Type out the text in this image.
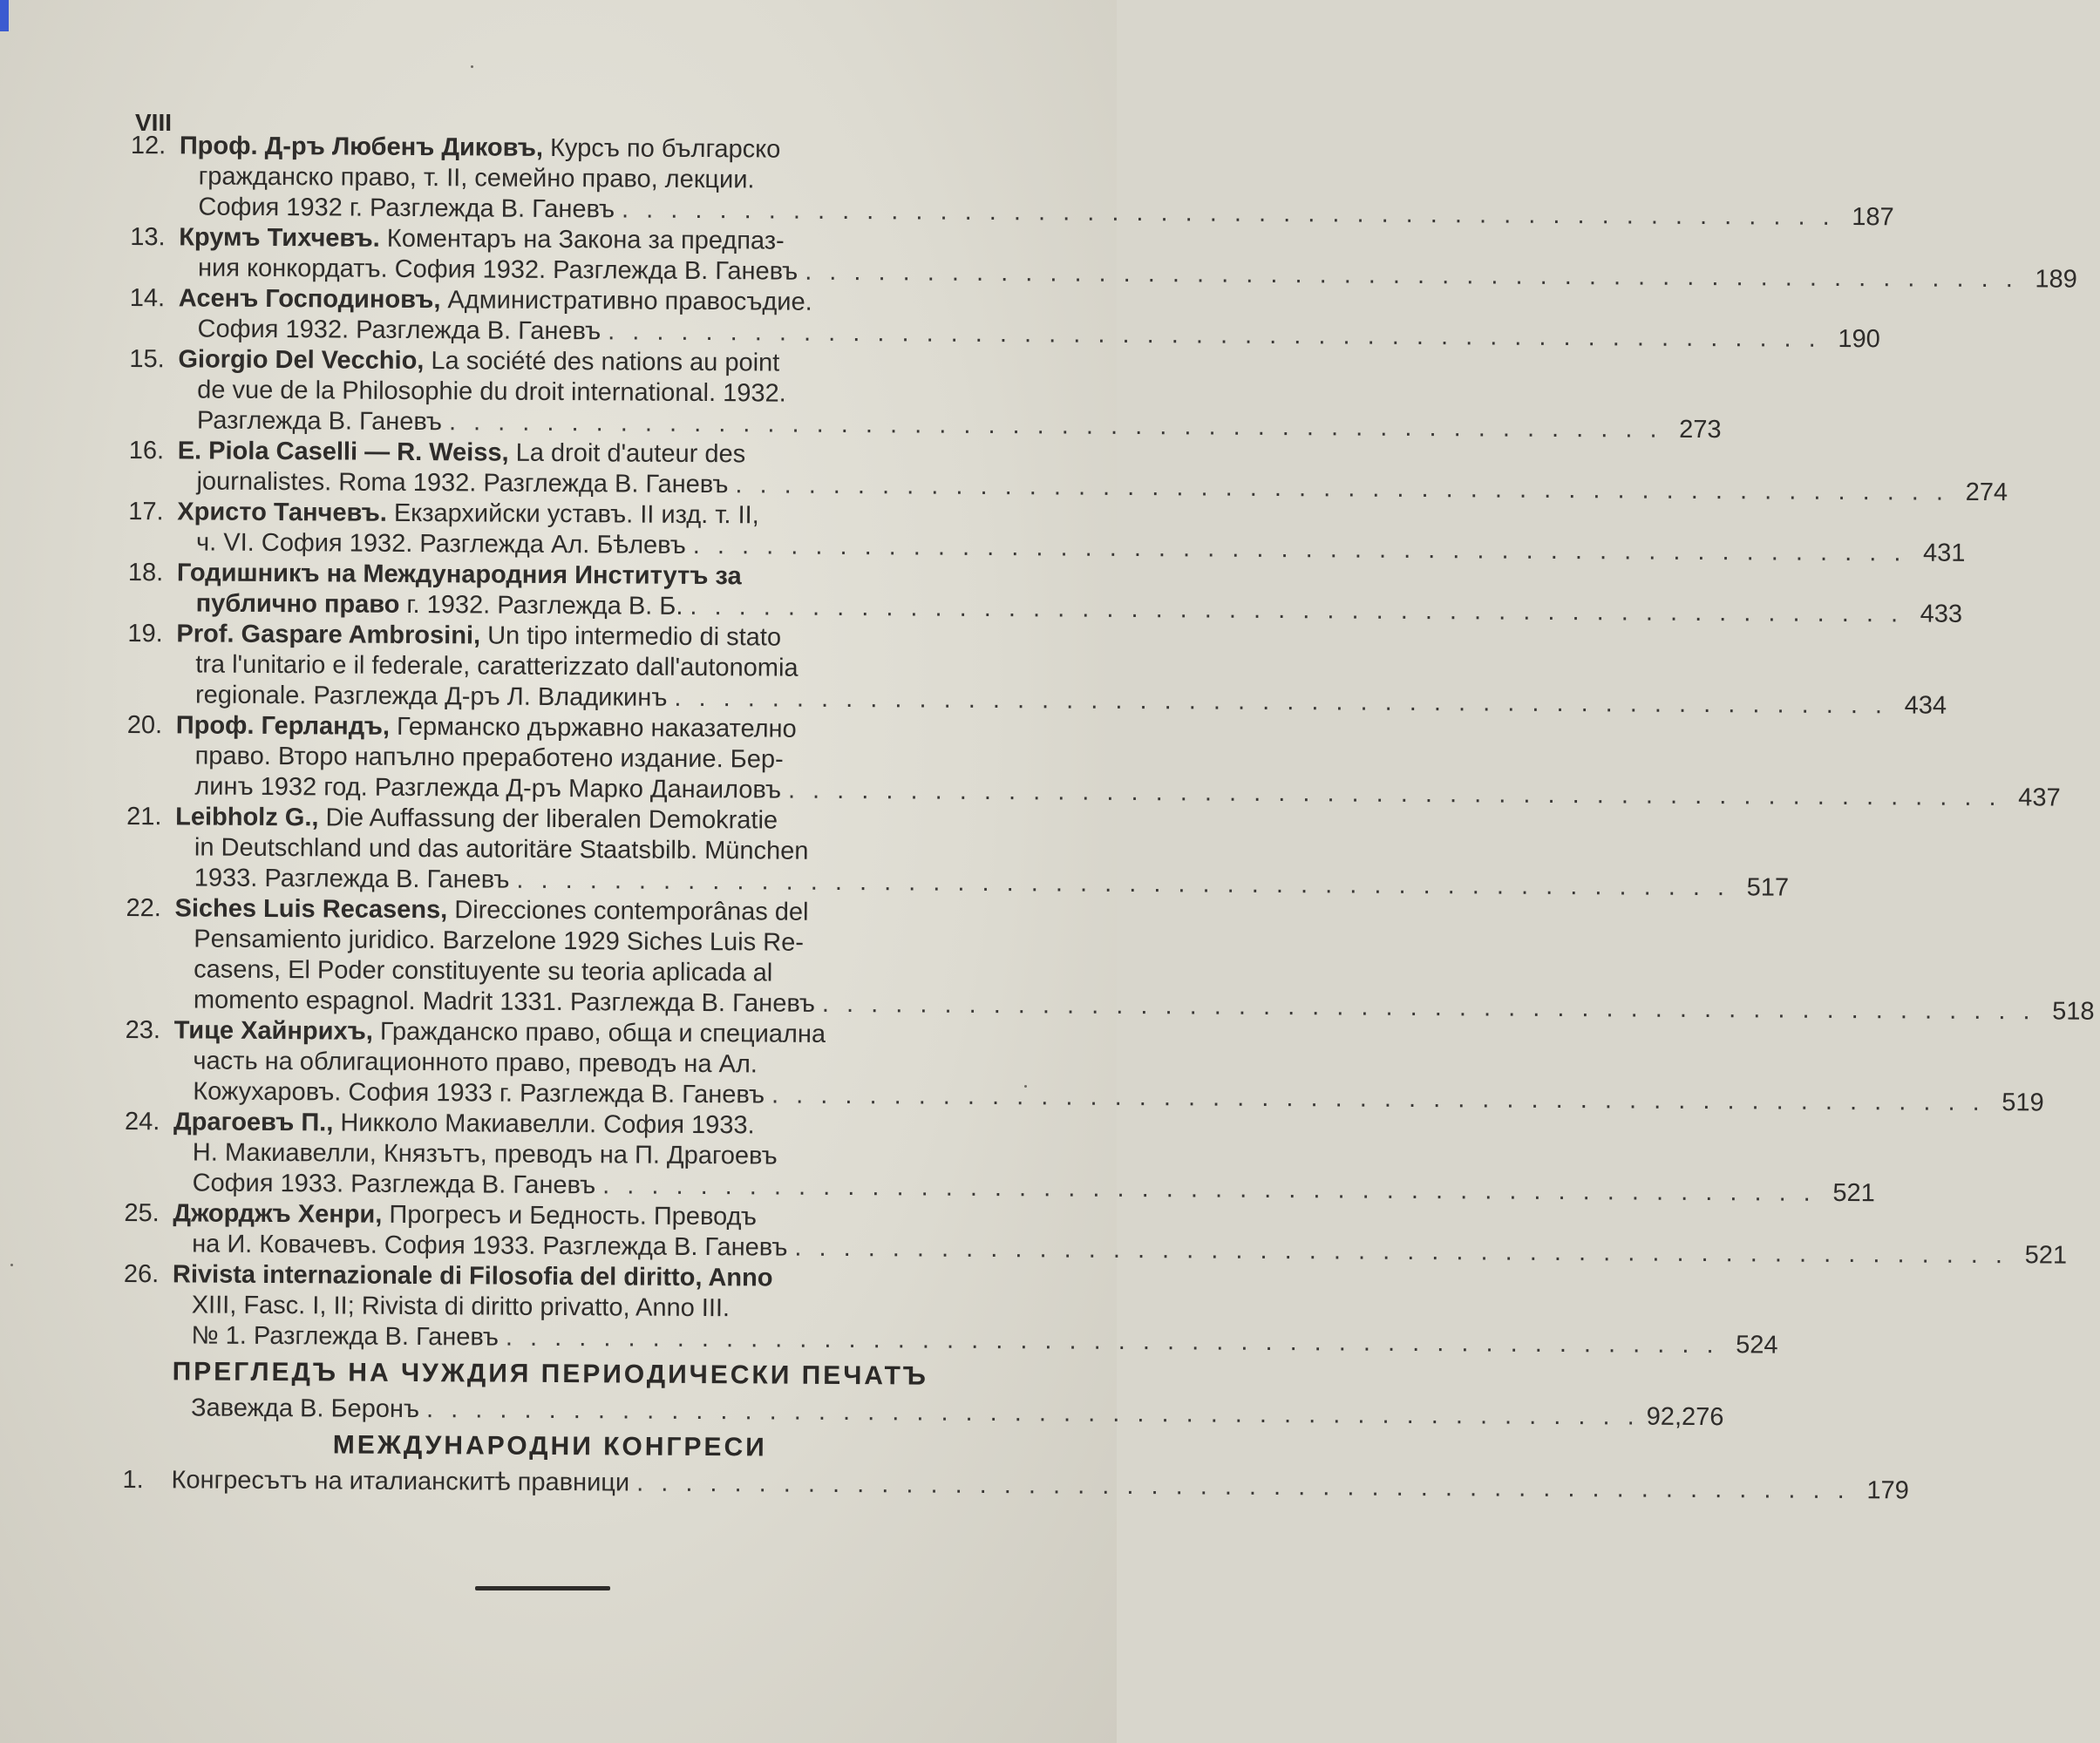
VIII
12. Проф. Д-ръ Любенъ Диковъ, Курсъ по българско
гражданско право, т. II, семейно право, лекции.
София 1932 г. Разглежда В. Ганевъ . . .	187
13. Крумъ Тихчевъ. Коментаръ на Закона за предпаз-
ния конкордатъ. София 1932. Разглежда В. Ганевъ . . .	189
14. Асенъ Господиновъ, Административно правосъдие.
София 1932. Разглежда В. Ганевъ . . .	190
15. Giorgio Del Vecchio, La société des nations au point
de vue de la Philosophie du droit international. 1932.
Разглежда В. Ганевъ . . .	273
16. E. Piola Caselli — R. Weiss, La droit d'auteur des
journalistes. Roma 1932. Разглежда В. Ганевъ . . .	274
17. Христо Танчевъ. Екзархийски уставъ. II изд. т. II,
ч. VI. София 1932. Разглежда Ал. Бѣлевъ . . .	431
18. Годишникъ на Международния Институтъ за
публично право г. 1932. Разглежда В. Б. . . .	433
19. Prof. Gaspare Ambrosini, Un tipo intermedio di stato
tra l'unitario e il federale, caratterizzato dall'autonomia
regionale. Разглежда Д-ръ Л. Владикинъ . . .	434
20. Проф. Герландъ, Германско държавно наказателно
право. Второ напълно преработено издание. Бер-
линъ 1932 год. Разглежда Д-ръ Марко Данаиловъ . . .	437
21. Leibholz G., Die Auffassung der liberalen Demokratie
in Deutschland und das autoritäre Staatsbilb. München
1933. Разглежда В. Ганевъ . . .	517
22. Siches Luis Recasens, Direcciones contemporânas del
Pensamiento juridico. Barzelone 1929 Siches Luis Re-
casens, El Poder constituyente su teoria aplicada al
momento espagnol. Madrit 1331. Разглежда В. Ганевъ . . .	518
23. Тице Хайнрихъ, Гражданско право, обща и специална
часть на облигационното право, преводъ на Ал.
Кожухаровъ. София 1933 г. Разглежда В. Ганевъ . . .	519
24. Драгоевъ П., Никколо Макиавелли. София 1933.
Н. Макиавелли, Князътъ, преводъ на П. Драгоевъ
София 1933. Разглежда В. Ганевъ . . .	521
25. Джорджъ Хенри, Прогресъ и Бедность. Преводъ
на И. Ковачевъ. София 1933. Разглежда В. Ганевъ . . .	521
26. Rivista internazionale di Filosofia del diritto, Anno
XIII, Fasc. I, II; Rivista di diritto privatto, Anno III.
№ 1. Разглежда В. Ганевъ . . .	524
ПРЕГЛЕДЪ НА ЧУЖДИЯ ПЕРИОДИЧЕСКИ ПЕЧАТЪ
Завежда В. Беронъ . . .	92,276
МЕЖДУНАРОДНИ КОНГРЕСИ
1.	Конгресътъ на италианскитѣ правници . . .	179
